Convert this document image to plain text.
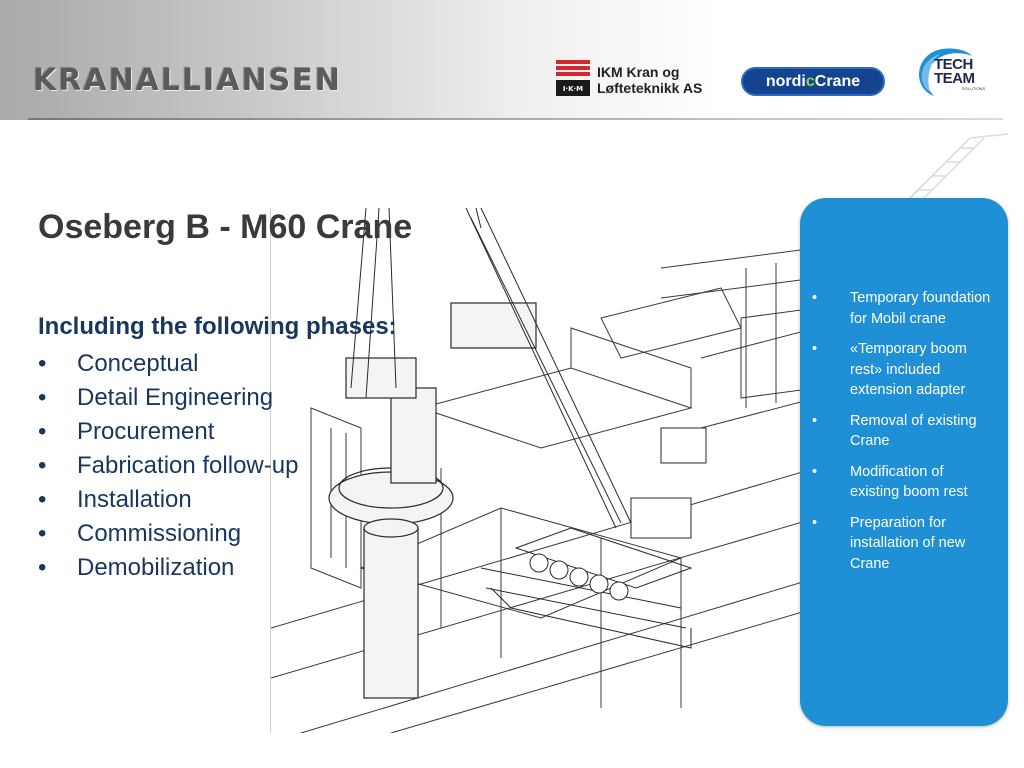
KRANALLIANSEN	I·K·M
IKM Kran og
Løfteteknikk AS	nordicCrane
TECH
TEAM
SOLUTIONS
Oseberg B - M60 Crane
Including the following phases:
• Conceptual
• Detail Engineering
• Procurement
• Fabrication follow-up
• Installation
• Commissioning
• Demobilization
•	Temporary foundation for Mobil crane
•	«Temporary boom rest» included extension adapter
•	Removal of existing Crane
•	Modification of existing boom rest
•	Preparation for installation of new Crane
